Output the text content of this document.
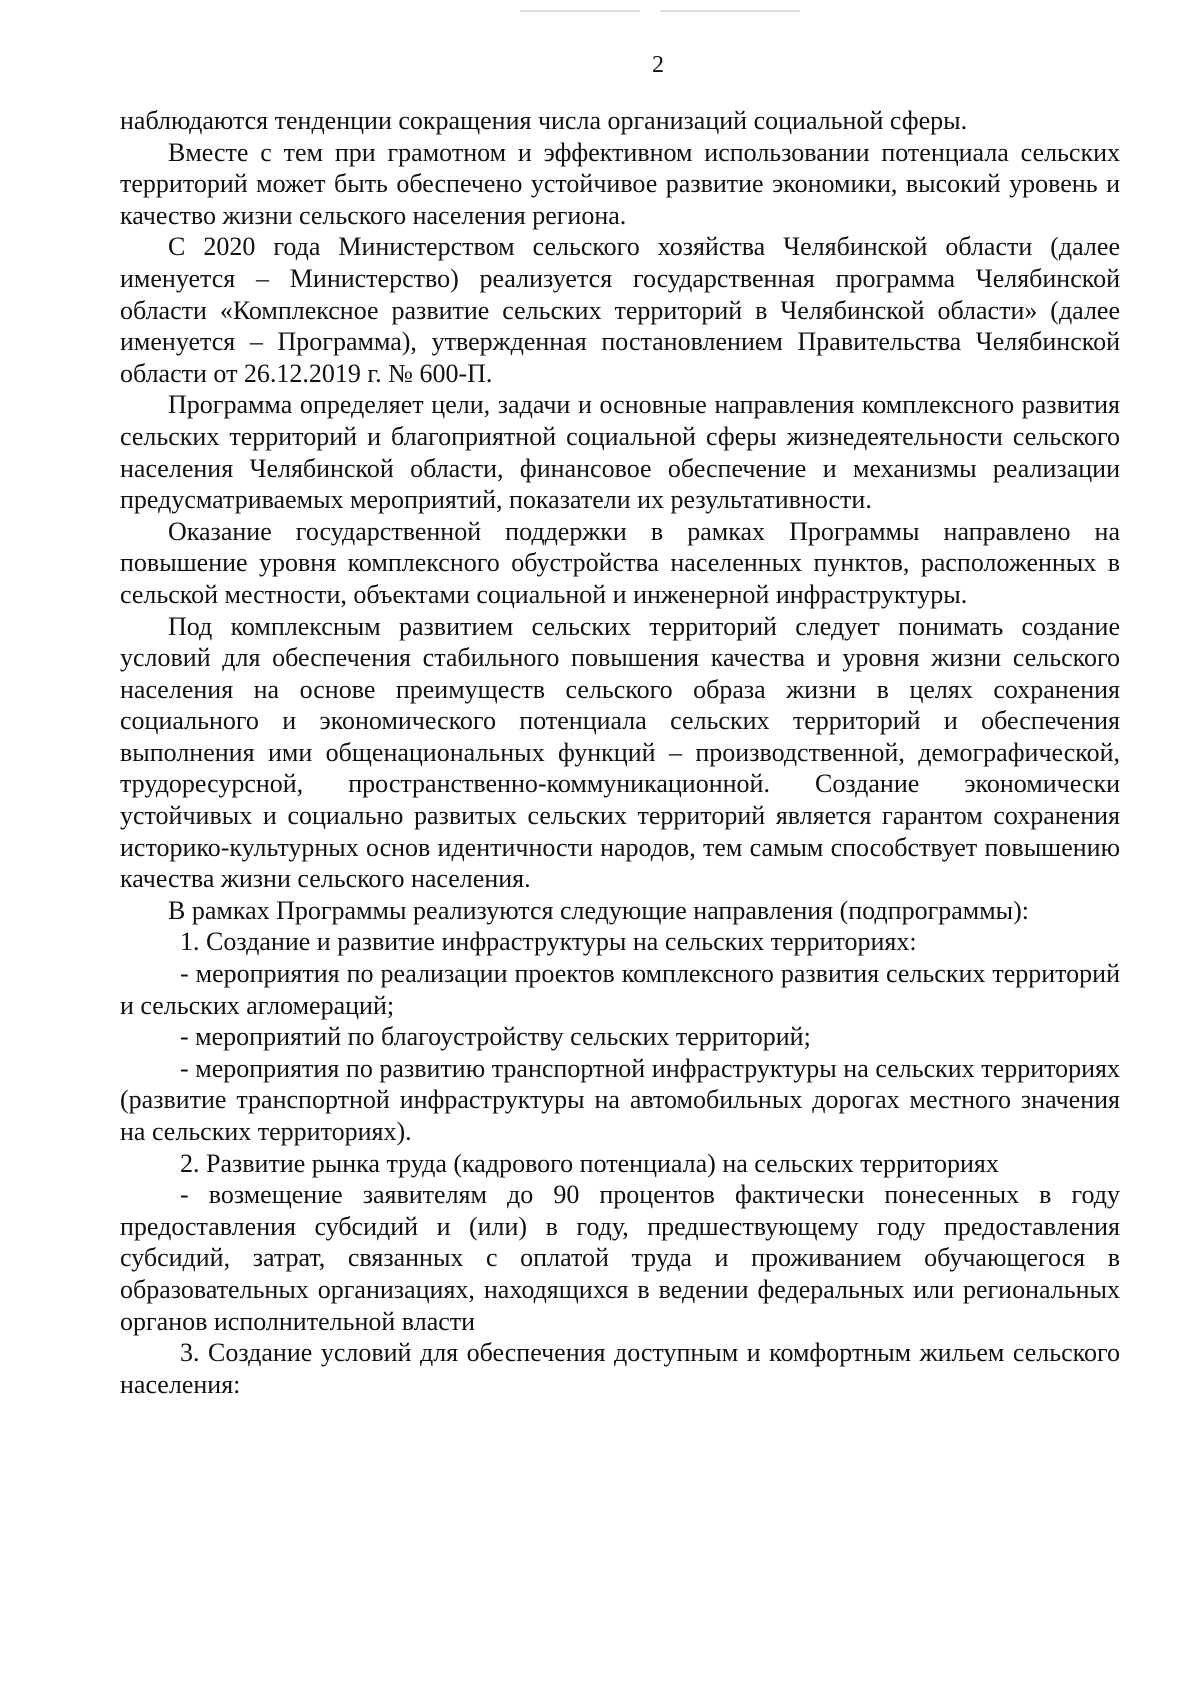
2

наблюдаются тенденции сокращения числа организаций социальной сферы.

Вместе с тем при грамотном и эффективном использовании потенциала сельских территорий может быть обеспечено устойчивое развитие экономики, высокий уровень и качество жизни сельского населения региона.

С 2020 года Министерством сельского хозяйства Челябинской области (далее именуется – Министерство) реализуется государственная программа Челябинской области «Комплексное развитие сельских территорий в Челябинской области» (далее именуется – Программа), утвержденная постановлением Правительства Челябинской области от 26.12.2019 г. № 600-П.

Программа определяет цели, задачи и основные направления комплексного развития сельских территорий и благоприятной социальной сферы жизнедеятельности сельского населения Челябинской области, финансовое обеспечение и механизмы реализации предусматриваемых мероприятий, показатели их результативности.

Оказание государственной поддержки в рамках Программы направлено на повышение уровня комплексного обустройства населенных пунктов, расположенных в сельской местности, объектами социальной и инженерной инфраструктуры.

Под комплексным развитием сельских территорий следует понимать создание условий для обеспечения стабильного повышения качества и уровня жизни сельского населения на основе преимуществ сельского образа жизни в целях сохранения социального и экономического потенциала сельских территорий и обеспечения выполнения ими общенациональных функций – производственной, демографической, трудоресурсной, пространственно-коммуникационной. Создание экономически устойчивых и социально развитых сельских территорий является гарантом сохранения историко-культурных основ идентичности народов, тем самым способствует повышению качества жизни сельского населения.

В рамках Программы реализуются следующие направления (подпрограммы):

1. Создание и развитие инфраструктуры на сельских территориях:

- мероприятия по реализации проектов комплексного развития сельских территорий и сельских агломераций;

- мероприятий по благоустройству сельских территорий;

- мероприятия по развитию транспортной инфраструктуры на сельских территориях (развитие транспортной инфраструктуры на автомобильных дорогах местного значения на сельских территориях).

2. Развитие рынка труда (кадрового потенциала) на сельских территориях

- возмещение заявителям до 90 процентов фактически понесенных в году предоставления субсидий и (или) в году, предшествующему году предоставления субсидий, затрат, связанных с оплатой труда и проживанием обучающегося в образовательных организациях, находящихся в ведении федеральных или региональных органов исполнительной власти

3. Создание условий для обеспечения доступным и комфортным жильем сельского населения:
